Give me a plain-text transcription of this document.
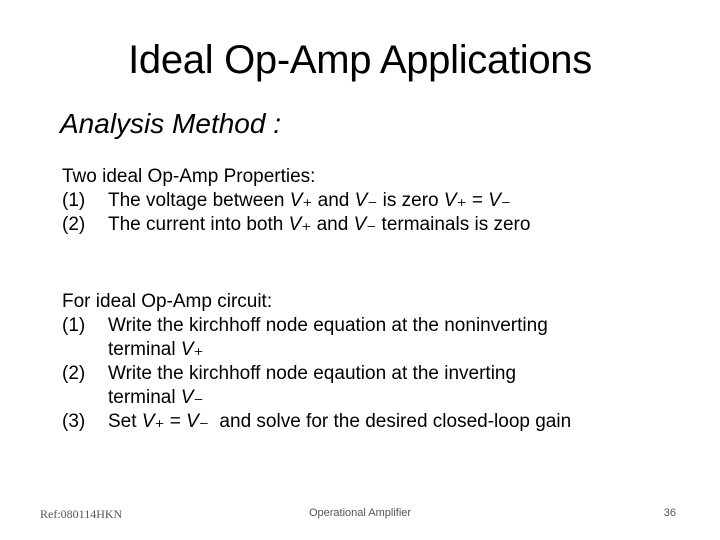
Ideal Op-Amp Applications
Analysis Method :
Two ideal Op-Amp Properties:
(1)	The voltage between V₊ and V₋ is zero V₊ = V₋
(2)	The current into both V₊ and V₋ termainals is zero
For ideal Op-Amp circuit:
(1)	Write the kirchhoff node equation at the noninverting
terminal V₊
(2)	Write the kirchhoff node eqaution at the inverting
terminal V₋
(3)	Set V₊ = V₋  and solve for the desired closed-loop gain
Ref:080114HKN	Operational Amplifier	36
